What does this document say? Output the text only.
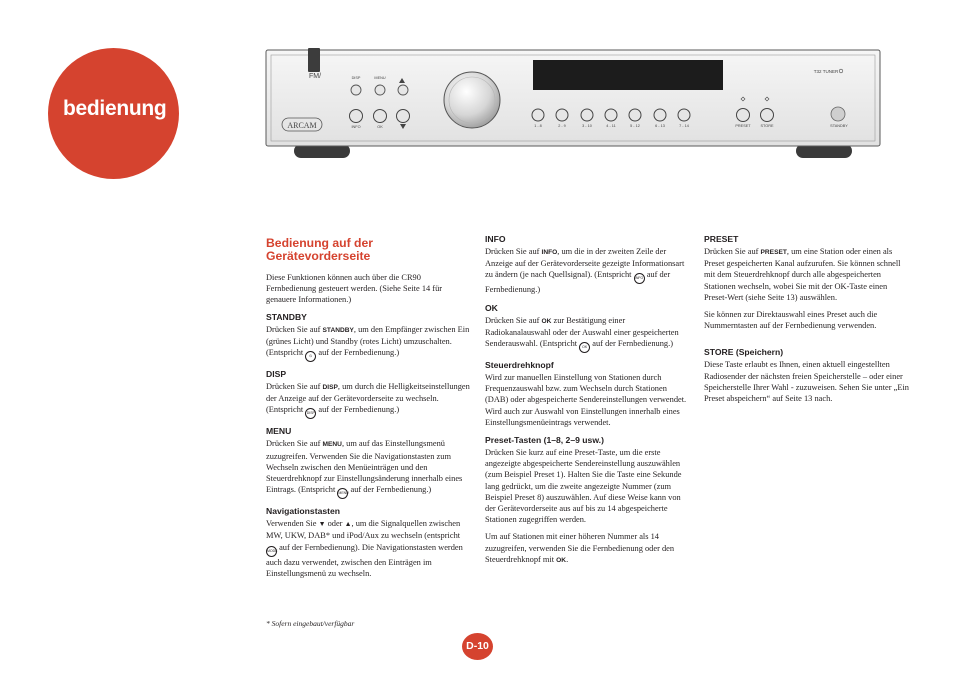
bedienung
FM/
ARCAM
DISP	MENU
INFO	OK
T32 TUNER
1 - 8	2 - 9	3 - 10	4 - 11	5 - 12	6 - 13	7 - 14	PRESET	STORE	STANDBY
Bedienung auf der Gerätevorderseite

Diese Funktionen können auch über die CR90 Fernbedienung gesteuert werden. (Siehe Seite 14 für genauere Informationen.)

STANDBY

Drücken Sie auf STANDBY, um den Empfänger zwischen Ein (grünes Licht) und Standby (rotes Licht) umzuschalten. (Entspricht ⏻ auf der Fernbedienung.)

DISP

Drücken Sie auf DISP, um durch die Helligkeitseinstellungen der Anzeige auf der Gerätevorderseite zu wechseln. (Entspricht DISP auf der Fernbedienung.)

MENU

Drücken Sie auf MENU, um auf das Einstellungsmenü zuzugreifen. Verwenden Sie die Navigationstasten zum Wechseln zwischen den Menüeinträgen und den Steuerdrehknopf zur Einstellungsänderung innerhalb eines Eintrags. (Entspricht MENU auf der Fernbedienung.)

Navigationstasten

Verwenden Sie ▼ oder ▲, um die Signalquellen zwischen MW, UKW, DAB* und iPod/Aux zu wechseln (entspricht MODE auf der Fernbedienung). Die Navigationstasten werden auch dazu verwendet, zwischen den Einträgen im Einstellungsmenü zu wechseln.

INFO

Drücken Sie auf INFO, um die in der zweiten Zeile der Anzeige auf der Gerätevorderseite gezeigte Informationsart zu ändern (je nach Quellsignal). (Entspricht INFO auf der Fernbedienung.)

OK

Drücken Sie auf OK zur Bestätigung einer Radiokanalauswahl oder der Auswahl einer gespeicherten Senderauswahl. (Entspricht OK auf der Fernbedienung.)

Steuerdrehknopf

Wird zur manuellen Einstellung von Stationen durch Frequenzauswahl bzw. zum Wechseln durch Stationen (DAB) oder abgespeicherte Sendereinstellungen verwendet. Wird auch zur Auswahl von Einstellungen innerhalb eines Einstellungsmenüeintrags verwendet.

Preset-Tasten (1–8, 2–9 usw.)

Drücken Sie kurz auf eine Preset-Taste, um die erste angezeigte abgespeicherte Sendereinstellung auszuwählen (zum Beispiel Preset 1). Halten Sie die Taste eine Sekunde lang gedrückt, um die zweite angezeigte Nummer (zum Beispiel Preset 8) auszuwählen. Auf diese Weise kann von der Gerätevorderseite aus auf bis zu 14 abgespeicherte Stationen zugegriffen werden.

Um auf Stationen mit einer höheren Nummer als 14 zuzugreifen, verwenden Sie die Fernbedienung oder den Steuerdrehknopf mit OK.

PRESET

Drücken Sie auf PRESET, um eine Station oder einen als Preset gespeicherten Kanal aufzurufen. Sie können schnell mit dem Steuerdrehknopf durch alle abgespeicherten Stationen wechseln, wobei Sie mit der OK-Taste einen Preset-Wert (siehe Seite 13) auswählen.

Sie können zur Direktauswahl eines Preset auch die Nummerntasten auf der Fernbedienung verwenden.

STORE (Speichern)

Diese Taste erlaubt es Ihnen, einen aktuell eingestellten Radiosender der nächsten freien Speicherstelle – oder einer Speicherstelle Ihrer Wahl - zuzuweisen. Sehen Sie unter „Ein Preset abspeichern“ auf Seite 13 nach.

* Sofern eingebaut/verfügbar
D-10
